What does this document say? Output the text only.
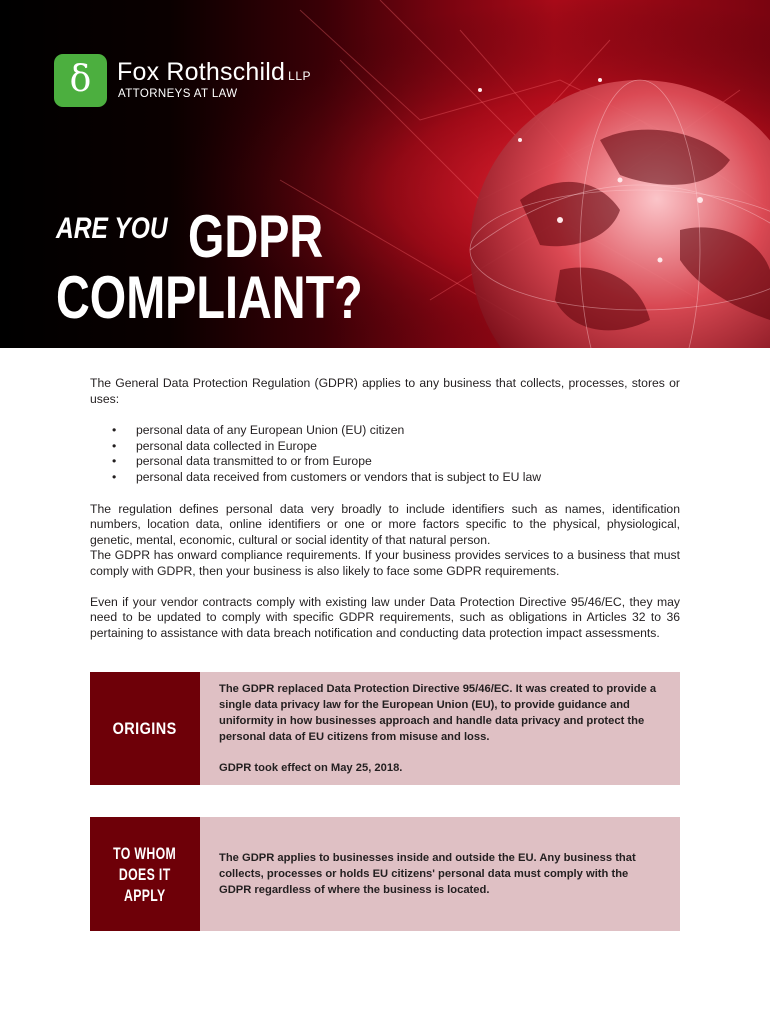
δ Fox Rothschild LLP
ATTORNEYS AT LAW
ARE YOU GDPR
COMPLIANT?

The General Data Protection Regulation (GDPR) applies to any business that collects, processes, stores or uses:

• personal data of any European Union (EU) citizen
• personal data collected in Europe
• personal data transmitted to or from Europe
• personal data received from customers or vendors that is subject to EU law

The regulation defines personal data very broadly to include identifiers such as names, identification numbers, location data, online identifiers or one or more factors specific to the physical, physiological, genetic, mental, economic, cultural or social identity of that natural person.

The GDPR has onward compliance requirements. If your business provides services to a business that must comply with GDPR, then your business is also likely to face some GDPR requirements.

Even if your vendor contracts comply with existing law under Data Protection Directive 95/46/EC, they may need to be updated to comply with specific GDPR requirements, such as obligations in Articles 32 to 36 pertaining to assistance with data breach notification and conducting data protection impact assessments.

ORIGINS

The GDPR replaced Data Protection Directive 95/46/EC. It was created to provide a single data privacy law for the European Union (EU), to provide guidance and uniformity in how businesses approach and handle data privacy and protect the personal data of EU citizens from misuse and loss.

GDPR took effect on May 25, 2018.

TO WHOM
DOES IT
APPLY

The GDPR applies to businesses inside and outside the EU. Any business that collects, processes or holds EU citizens' personal data must comply with the GDPR regardless of where the business is located.
